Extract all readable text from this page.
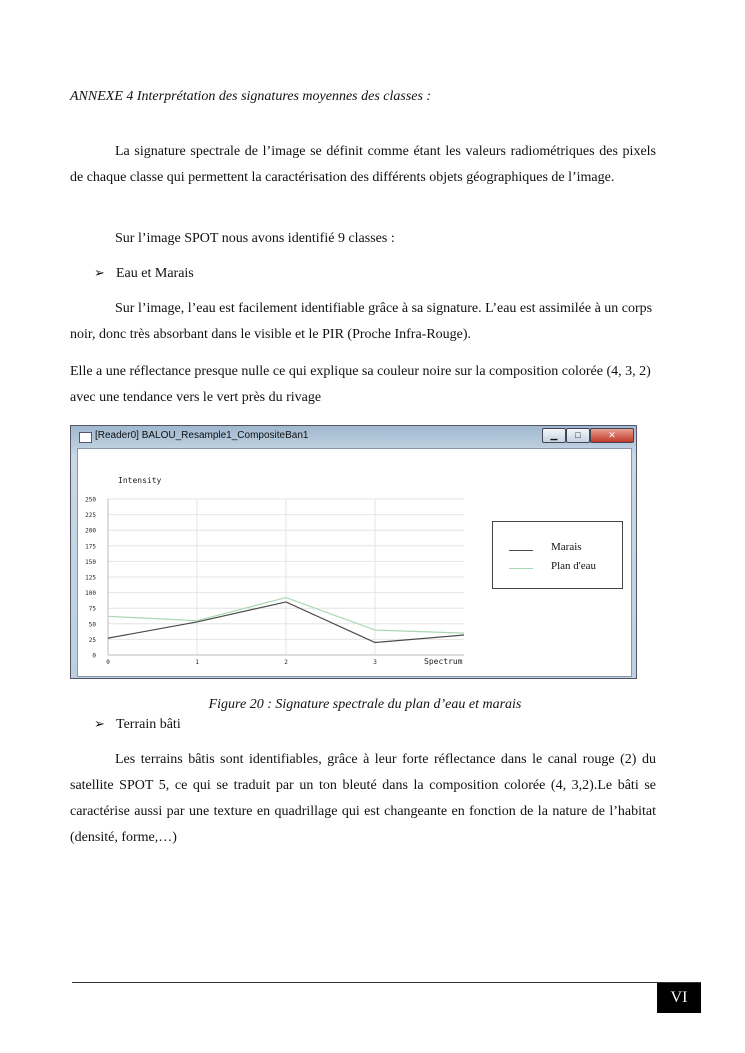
ANNEXE 4 Interprétation des signatures moyennes des classes :
La signature spectrale de l’image se définit comme étant les valeurs radiométriques des pixels de chaque classe qui permettent la caractérisation des différents objets géographiques de l’image.
Sur l’image SPOT nous avons identifié 9 classes :
➢ Eau et Marais
Sur l’image, l’eau est facilement identifiable grâce à sa signature. L’eau est assimilée à un corps noir, donc très absorbant dans le visible et le PIR (Proche Infra-Rouge).
Elle a une réflectance presque nulle ce qui explique sa couleur noire sur la composition colorée (4, 3, 2) avec une tendance vers le vert près du rivage
[Reader0] BALOU_Resample1_CompositeBan1	▁	□	✕
0
25
50
75
100
125
150
175
200
225
250
0	1	2	3
Intensity
Spectrum
Marais
Plan d'eau
Figure 20 : Signature spectrale du plan d’eau et marais
➢ Terrain bâti
Les terrains bâtis sont identifiables, grâce à leur forte réflectance dans le canal rouge (2) du satellite SPOT 5, ce qui se traduit par un ton bleuté dans la composition colorée (4, 3,2).Le bâti se caractérise aussi par une texture en quadrillage qui est changeante en fonction de la nature de l’habitat (densité, forme,…)
VI
